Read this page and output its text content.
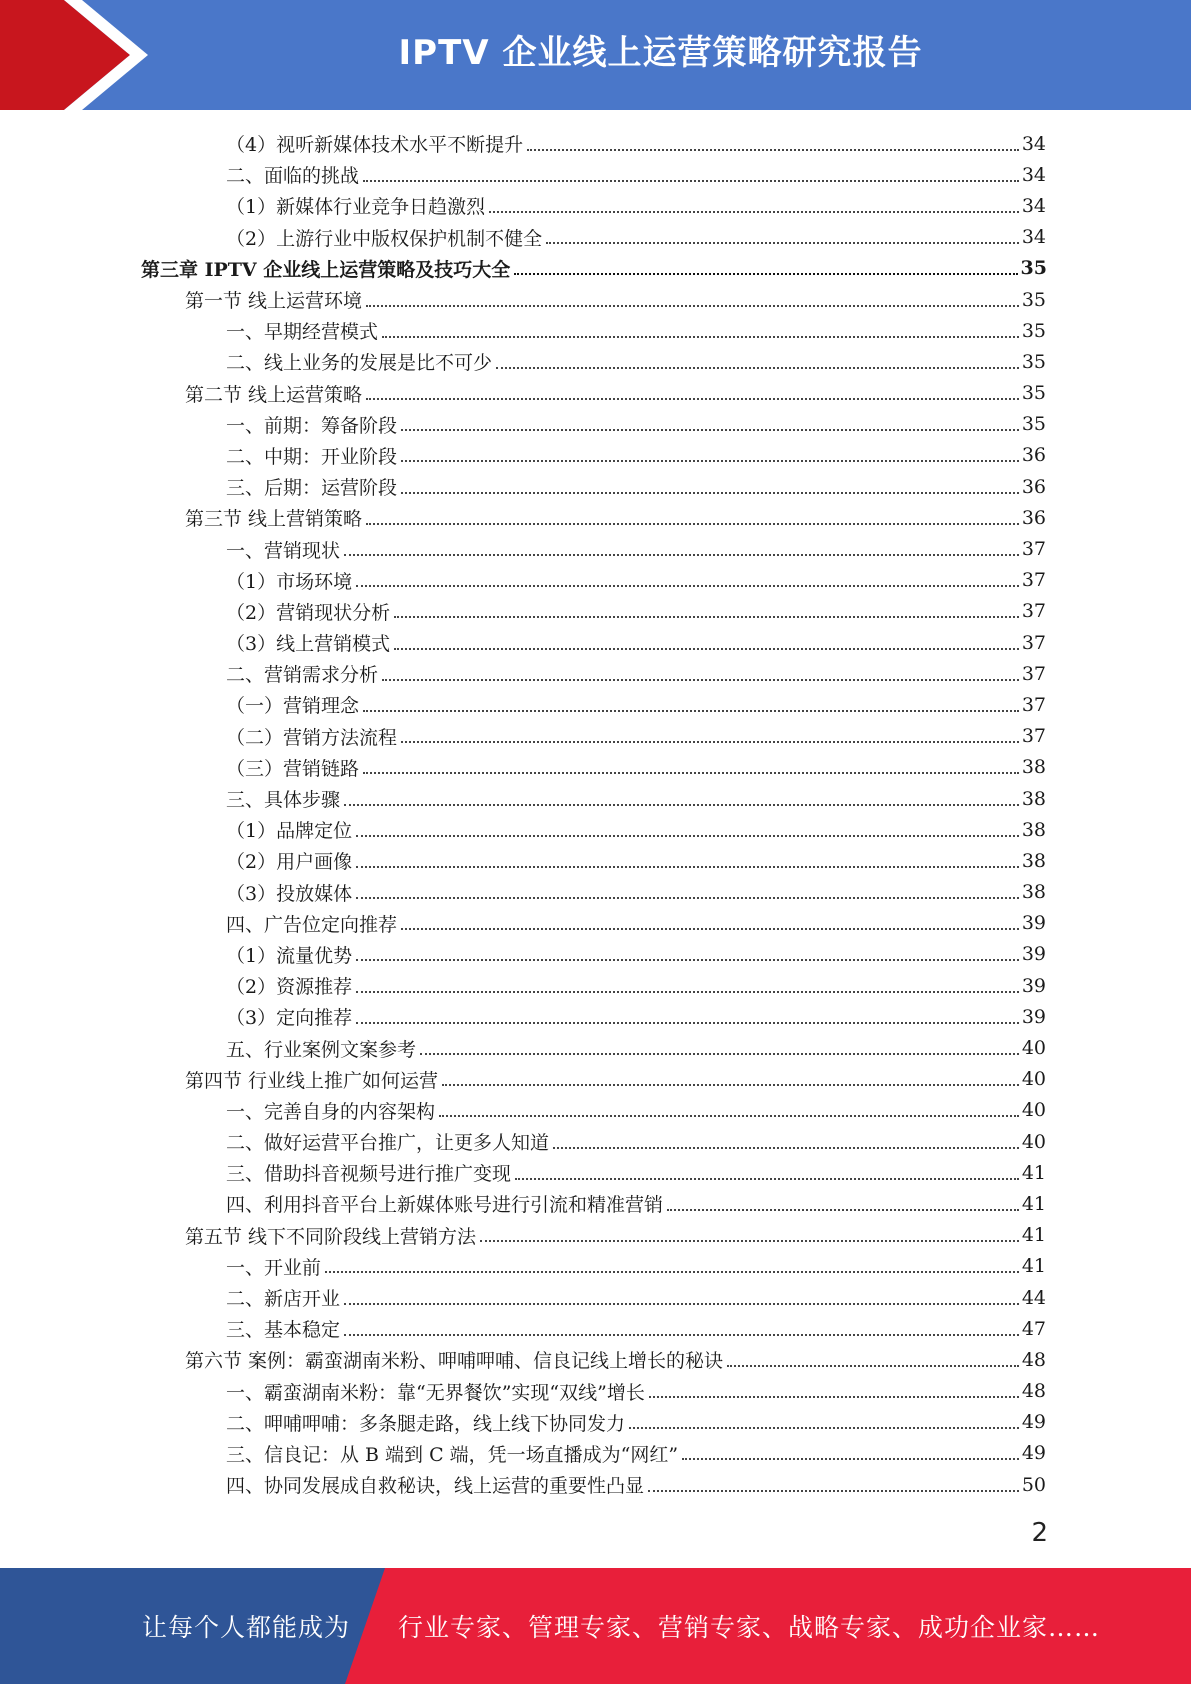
IPTV 企业线上运营策略研究报告
（4）视听新媒体技术水平不断提升	34
二、面临的挑战	34
（1）新媒体行业竞争日趋激烈	34
（2）上游行业中版权保护机制不健全	34
第三章 IPTV 企业线上运营策略及技巧大全	35
第一节 线上运营环境	35
一、早期经营模式	35
二、线上业务的发展是比不可少	35
第二节 线上运营策略	35
一、前期：筹备阶段	35
二、中期：开业阶段	36
三、后期：运营阶段	36
第三节 线上营销策略	36
一、营销现状	37
（1）市场环境	37
（2）营销现状分析	37
（3）线上营销模式	37
二、营销需求分析	37
（一）营销理念	37
（二）营销方法流程	37
（三）营销链路	38
三、具体步骤	38
（1）品牌定位	38
（2）用户画像	38
（3）投放媒体	38
四、广告位定向推荐	39
（1）流量优势	39
（2）资源推荐	39
（3）定向推荐	39
五、行业案例文案参考	40
第四节 行业线上推广如何运营	40
一、完善自身的内容架构	40
二、做好运营平台推广，让更多人知道	40
三、借助抖音视频号进行推广变现	41
四、利用抖音平台上新媒体账号进行引流和精准营销	41
第五节 线下不同阶段线上营销方法	41
一、开业前	41
二、新店开业	44
三、基本稳定	47
第六节 案例：霸蛮湖南米粉、呷哺呷哺、信良记线上增长的秘诀	48
一、霸蛮湖南米粉：靠“无界餐饮”实现“双线”增长	48
二、呷哺呷哺：多条腿走路，线上线下协同发力	49
三、信良记：从 B 端到 C 端，凭一场直播成为“网红”	49
四、协同发展成自救秘诀，线上运营的重要性凸显	50
2
让每个人都能成为 行业专家、管理专家、营销专家、战略专家、成功企业家……
